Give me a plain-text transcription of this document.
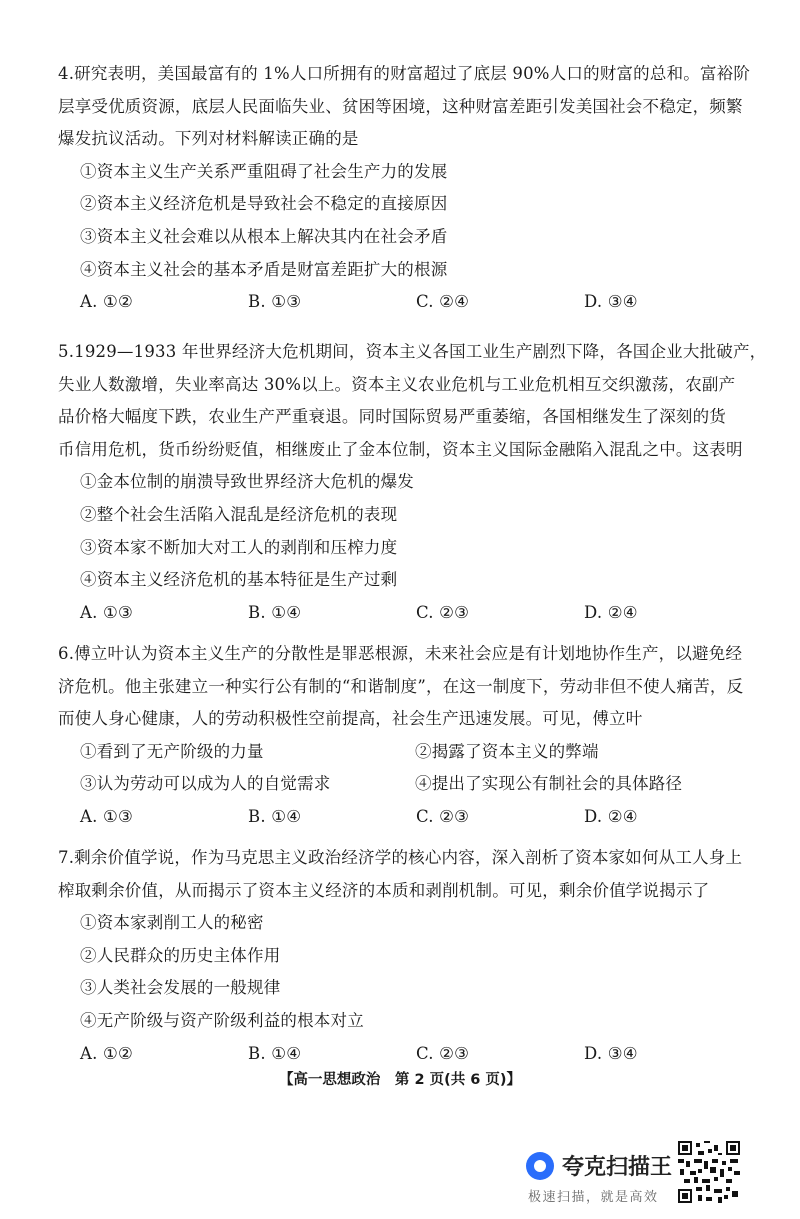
4.研究表明，美国最富有的 1%人口所拥有的财富超过了底层 90%人口的财富的总和。富裕阶
层享受优质资源，底层人民面临失业、贫困等困境，这种财富差距引发美国社会不稳定，频繁
爆发抗议活动。下列对材料解读正确的是
①资本主义生产关系严重阻碍了社会生产力的发展
②资本主义经济危机是导致社会不稳定的直接原因
③资本主义社会难以从根本上解决其内在社会矛盾
④资本主义社会的基本矛盾是财富差距扩大的根源
A. ①②	B. ①③	C. ②④	D. ③④
5.1929—1933 年世界经济大危机期间，资本主义各国工业生产剧烈下降，各国企业大批破产，
失业人数激增，失业率高达 30%以上。资本主义农业危机与工业危机相互交织激荡，农副产
品价格大幅度下跌，农业生产严重衰退。同时国际贸易严重萎缩，各国相继发生了深刻的货
币信用危机，货币纷纷贬值，相继废止了金本位制，资本主义国际金融陷入混乱之中。这表明
①金本位制的崩溃导致世界经济大危机的爆发
②整个社会生活陷入混乱是经济危机的表现
③资本家不断加大对工人的剥削和压榨力度
④资本主义经济危机的基本特征是生产过剩
A. ①③	B. ①④	C. ②③	D. ②④
6.傅立叶认为资本主义生产的分散性是罪恶根源，未来社会应是有计划地协作生产，以避免经
济危机。他主张建立一种实行公有制的“和谐制度”，在这一制度下，劳动非但不使人痛苦，反
而使人身心健康，人的劳动积极性空前提高，社会生产迅速发展。可见，傅立叶
①看到了无产阶级的力量	②揭露了资本主义的弊端
③认为劳动可以成为人的自觉需求	④提出了实现公有制社会的具体路径
A. ①③	B. ①④	C. ②③	D. ②④
7.剩余价值学说，作为马克思主义政治经济学的核心内容，深入剖析了资本家如何从工人身上
榨取剩余价值，从而揭示了资本主义经济的本质和剥削机制。可见，剩余价值学说揭示了
①资本家剥削工人的秘密
②人民群众的历史主体作用
③人类社会发展的一般规律
④无产阶级与资产阶级利益的根本对立
A. ①②	B. ①④	C. ②③	D. ③④
【高一思想政治　第 2 页(共 6 页)】
夸克扫描王
极速扫描，就是高效
